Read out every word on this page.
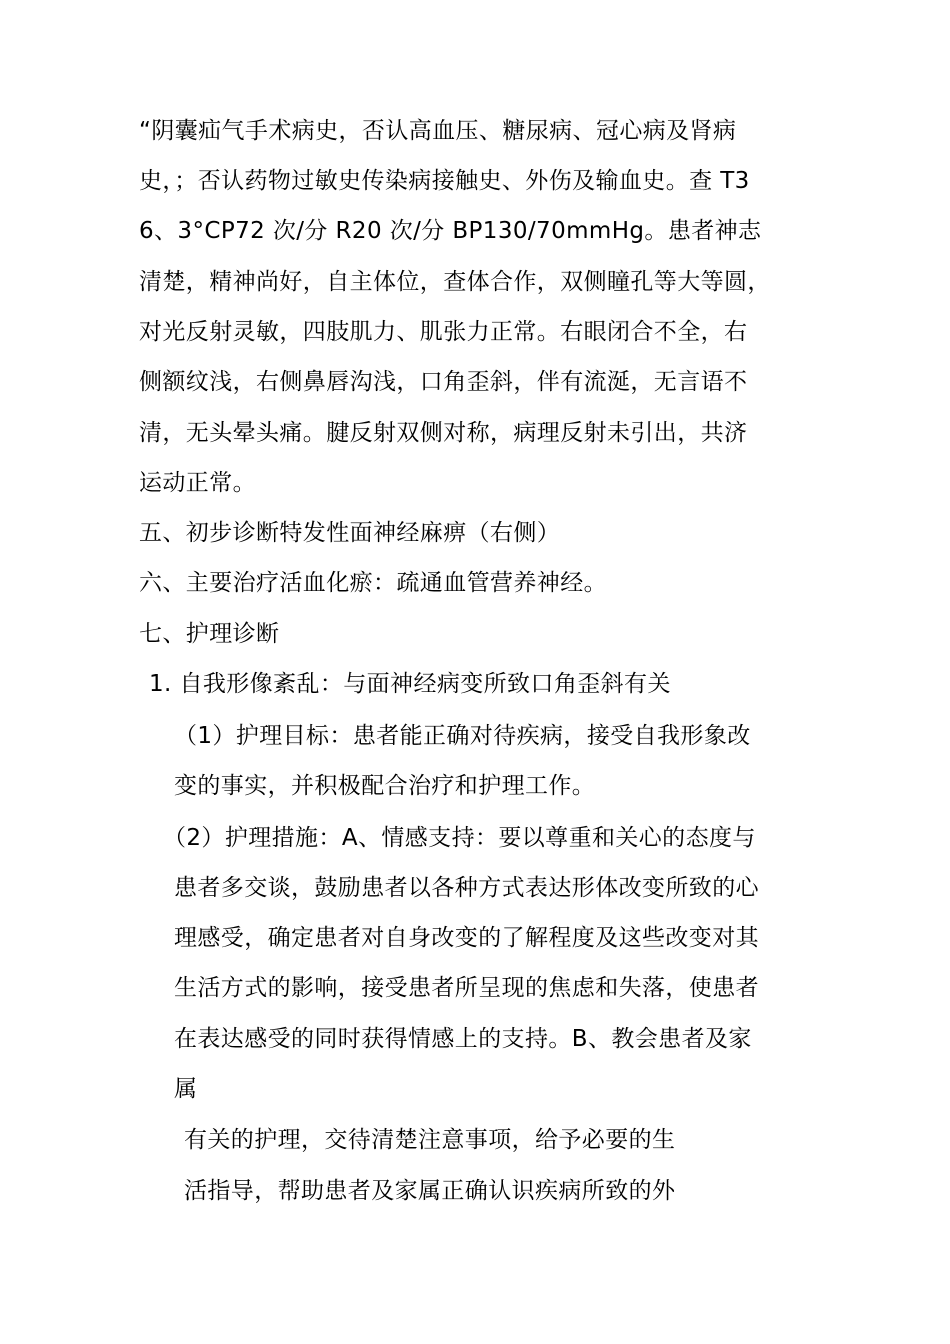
“阴囊疝气手术病史，否认高血压、糖尿病、冠心病及肾病
史，；否认药物过敏史传染病接触史、外伤及输血史。查 T3
6、3°CP72 次/分 R20 次/分 BP130/70mmHg。患者神志
清楚，精神尚好，自主体位，查体合作，双侧瞳孔等大等圆，
对光反射灵敏，四肢肌力、肌张力正常。右眼闭合不全，右
侧额纹浅，右侧鼻唇沟浅，口角歪斜，伴有流涎，无言语不
清，无头晕头痛。腱反射双侧对称，病理反射未引出，共济
运动正常。
五、初步诊断特发性面神经麻痹（右侧）
六、主要治疗活血化瘀：疏通血管营养神经。
七、护理诊断
1. 自我形像紊乱：与面神经病变所致口角歪斜有关
（1）护理目标：患者能正确对待疾病，接受自我形象改
变的事实，并积极配合治疗和护理工作。
（2）护理措施：A、情感支持：要以尊重和关心的态度与
患者多交谈，鼓励患者以各种方式表达形体改变所致的心
理感受，确定患者对自身改变的了解程度及这些改变对其
生活方式的影响，接受患者所呈现的焦虑和失落，使患者
在表达感受的同时获得情感上的支持。B、教会患者及家
属
有关的护理，交待清楚注意事项，给予必要的生
活指导，帮助患者及家属正确认识疾病所致的外
